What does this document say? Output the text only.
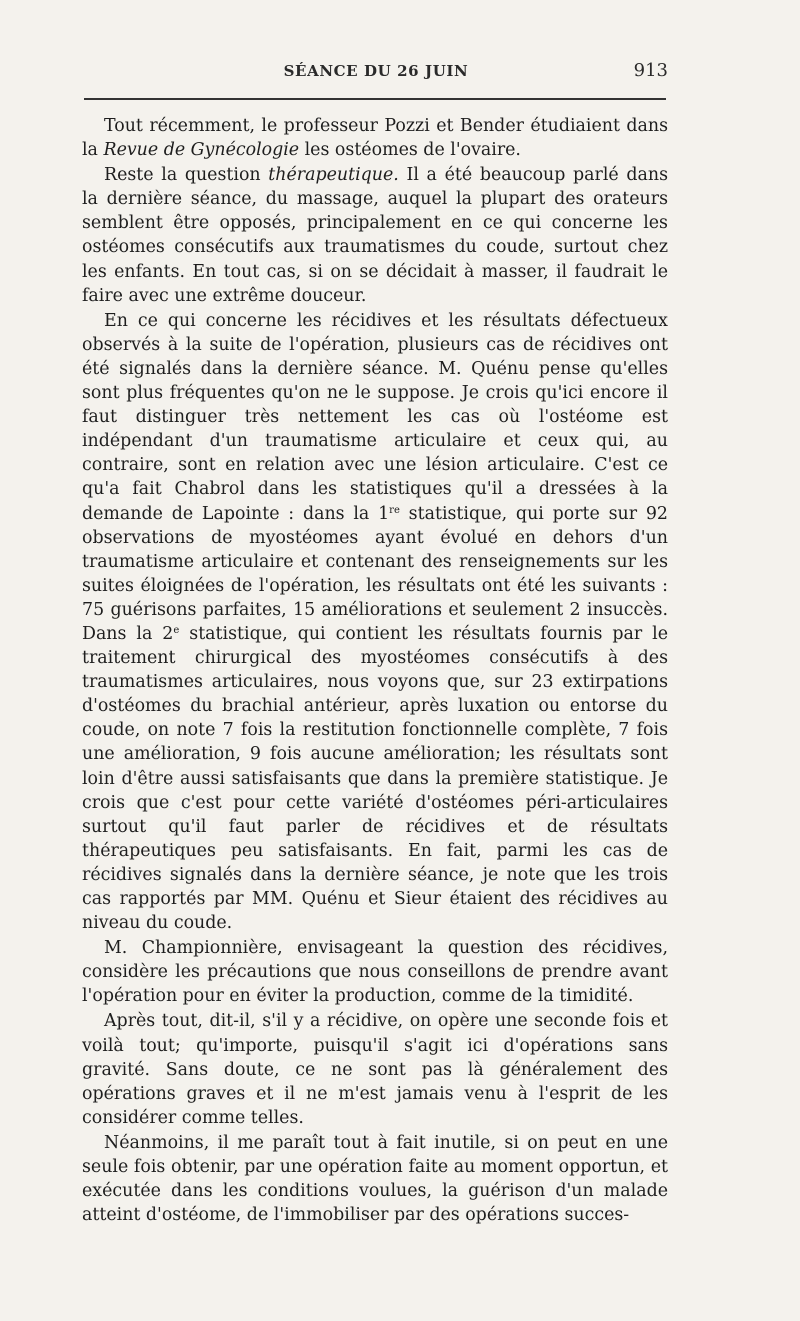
SÉANCE DU 26 JUIN	913

Tout récemment, le professeur Pozzi et Bender étudiaient dans la Revue de Gynécologie les ostéomes de l'ovaire.

Reste la question thérapeutique. Il a été beaucoup parlé dans la dernière séance, du massage, auquel la plupart des orateurs semblent être opposés, principalement en ce qui concerne les ostéomes consécutifs aux traumatismes du coude, surtout chez les enfants. En tout cas, si on se décidait à masser, il faudrait le faire avec une extrême douceur.

En ce qui concerne les récidives et les résultats défectueux observés à la suite de l'opération, plusieurs cas de récidives ont été signalés dans la dernière séance. M. Quénu pense qu'elles sont plus fréquentes qu'on ne le suppose. Je crois qu'ici encore il faut distinguer très nettement les cas où l'ostéome est indépendant d'un traumatisme articulaire et ceux qui, au contraire, sont en relation avec une lésion articulaire. C'est ce qu'a fait Chabrol dans les statistiques qu'il a dressées à la demande de Lapointe : dans la 1re statistique, qui porte sur 92 observations de myostéomes ayant évolué en dehors d'un traumatisme articulaire et contenant des renseignements sur les suites éloignées de l'opération, les résultats ont été les suivants : 75 guérisons parfaites, 15 améliorations et seulement 2 insuccès. Dans la 2e statistique, qui contient les résultats fournis par le traitement chirurgical des myostéomes consécutifs à des traumatismes articulaires, nous voyons que, sur 23 extirpations d'ostéomes du brachial antérieur, après luxation ou entorse du coude, on note 7 fois la restitution fonctionnelle complète, 7 fois une amélioration, 9 fois aucune amélioration; les résultats sont loin d'être aussi satisfaisants que dans la première statistique. Je crois que c'est pour cette variété d'ostéomes péri-articulaires surtout qu'il faut parler de récidives et de résultats thérapeutiques peu satisfaisants. En fait, parmi les cas de récidives signalés dans la dernière séance, je note que les trois cas rapportés par MM. Quénu et Sieur étaient des récidives au niveau du coude.

M. Championnière, envisageant la question des récidives, considère les précautions que nous conseillons de prendre avant l'opération pour en éviter la production, comme de la timidité.

Après tout, dit-il, s'il y a récidive, on opère une seconde fois et voilà tout; qu'importe, puisqu'il s'agit ici d'opérations sans gravité. Sans doute, ce ne sont pas là généralement des opérations graves et il ne m'est jamais venu à l'esprit de les considérer comme telles.

Néanmoins, il me paraît tout à fait inutile, si on peut en une seule fois obtenir, par une opération faite au moment opportun, et exécutée dans les conditions voulues, la guérison d'un malade atteint d'ostéome, de l'immobiliser par des opérations succes-
